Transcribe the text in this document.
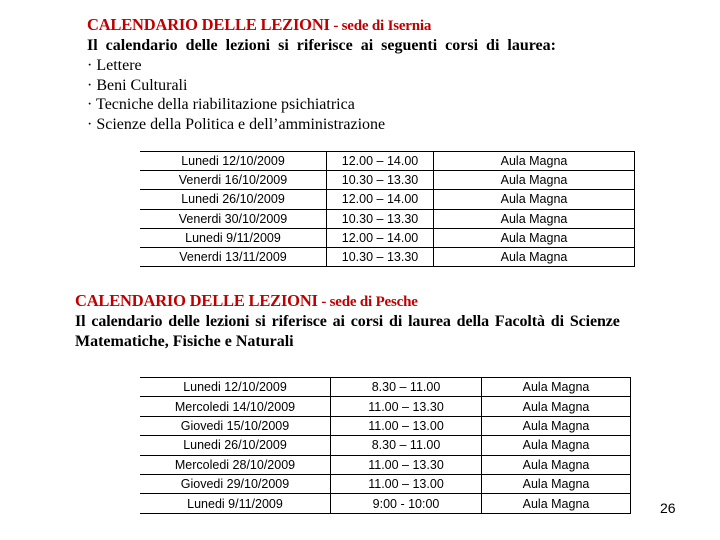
CALENDARIO DELLE LEZIONI - sede di Isernia
Il calendario delle lezioni si riferisce ai seguenti corsi di laurea:
· Lettere
· Beni Culturali
· Tecniche della riabilitazione psichiatrica
· Scienze della Politica e dell’amministrazione
Lunedi 12/10/2009	12.00 – 14.00	Aula Magna
Venerdi 16/10/2009	10.30 – 13.30	Aula Magna
Lunedi 26/10/2009	12.00 – 14.00	Aula Magna
Venerdi 30/10/2009	10.30 – 13.30	Aula Magna
Lunedi 9/11/2009	12.00 – 14.00	Aula Magna
Venerdi 13/11/2009	10.30 – 13.30	Aula Magna
CALENDARIO DELLE LEZIONI - sede di Pesche
Il calendario delle lezioni si riferisce ai corsi di laurea della Facoltà di Scienze
Matematiche, Fisiche e Naturali
Lunedi 12/10/2009	8.30 – 11.00	Aula Magna
Mercoledi 14/10/2009	11.00 – 13.30	Aula Magna
Giovedi 15/10/2009	11.00 – 13.00	Aula Magna
Lunedi 26/10/2009	8.30 – 11.00	Aula Magna
Mercoledi 28/10/2009	11.00 – 13.30	Aula Magna
Giovedi 29/10/2009	11.00 – 13.00	Aula Magna
Lunedi 9/11/2009	9:00 - 10:00	Aula Magna	26
